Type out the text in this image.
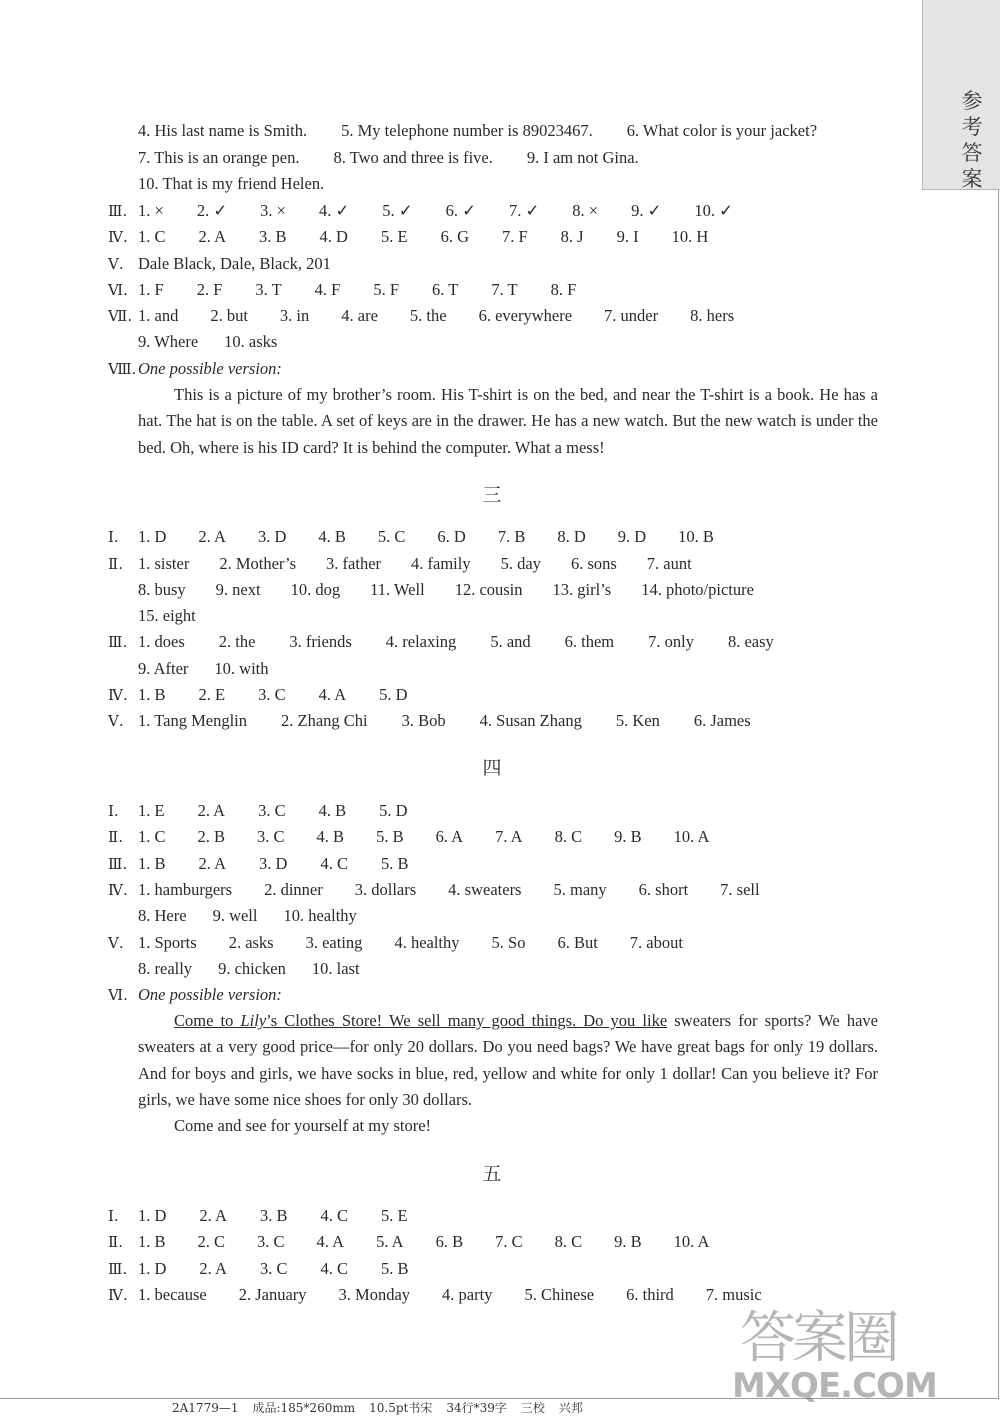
参
考
答
案
4. His last name is Smith. 5. My telephone number is 89023467. 6. What color is your jacket?
7. This is an orange pen. 8. Two and three is five. 9. I am not Gina.
10. That is my friend Helen.
Ⅲ. 1. × 2. ✓ 3. × 4. ✓ 5. ✓ 6. ✓ 7. ✓ 8. × 9. ✓ 10. ✓
Ⅳ. 1. C 2. A 3. B 4. D 5. E 6. G 7. F 8. J 9. I 10. H
Ⅴ. Dale Black, Dale, Black, 201
Ⅵ. 1. F 2. F 3. T 4. F 5. F 6. T 7. T 8. F
Ⅶ. 1. and 2. but 3. in 4. are 5. the 6. everywhere 7. under 8. hers
9. Where 10. asks
Ⅷ.One possible version:

This is a picture of my brother’s room. His T-shirt is on the bed, and near the T-shirt is a book. He has a hat. The hat is on the table. A set of keys are in the drawer. He has a new watch. But the new watch is under the bed. Oh, where is his ID card? It is behind the computer. What a mess!

三
Ⅰ. 1. D 2. A 3. D 4. B 5. C 6. D 7. B 8. D 9. D 10. B
Ⅱ. 1. sister 2. Mother’s 3. father 4. family 5. day 6. sons 7. aunt
8. busy 9. next 10. dog 11. Well 12. cousin 13. girl’s 14. photo/picture
15. eight
Ⅲ. 1. does 2. the 3. friends 4. relaxing 5. and 6. them 7. only 8. easy
9. After 10. with
Ⅳ. 1. B 2. E 3. C 4. A 5. D
Ⅴ. 1. Tang Menglin 2. Zhang Chi 3. Bob 4. Susan Zhang 5. Ken 6. James
四
Ⅰ. 1. E 2. A 3. C 4. B 5. D
Ⅱ. 1. C 2. B 3. C 4. B 5. B 6. A 7. A 8. C 9. B 10. A
Ⅲ. 1. B 2. A 3. D 4. C 5. B
Ⅳ. 1. hamburgers 2. dinner 3. dollars 4. sweaters 5. many 6. short 7. sell
8. Here 9. well 10. healthy
Ⅴ. 1. Sports 2. asks 3. eating 4. healthy 5. So 6. But 7. about
8. really 9. chicken 10. last
Ⅵ. One possible version:

Come to Lily’s Clothes Store! We sell many good things. Do you like sweaters for sports? We have sweaters at a very good price—for only 20 dollars. Do you need bags? We have great bags for only 19 dollars. And for boys and girls, we have socks in blue, red, yellow and white for only 1 dollar! Can you believe it? For girls, we have some nice shoes for only 30 dollars.

Come and see for yourself at my store!

五
Ⅰ. 1. D 2. A 3. B 4. C 5. E
Ⅱ. 1. B 2. C 3. C 4. A 5. A 6. B 7. C 8. C 9. B 10. A
Ⅲ. 1. D 2. A 3. C 4. C 5. B
Ⅳ. 1. because 2. January 3. Monday 4. party 5. Chinese 6. third 7. music
答案圈
MXQE.COM
2A1779—1 成品:185*260mm 10.5pt书宋 34行*39字 三校 兴邦
